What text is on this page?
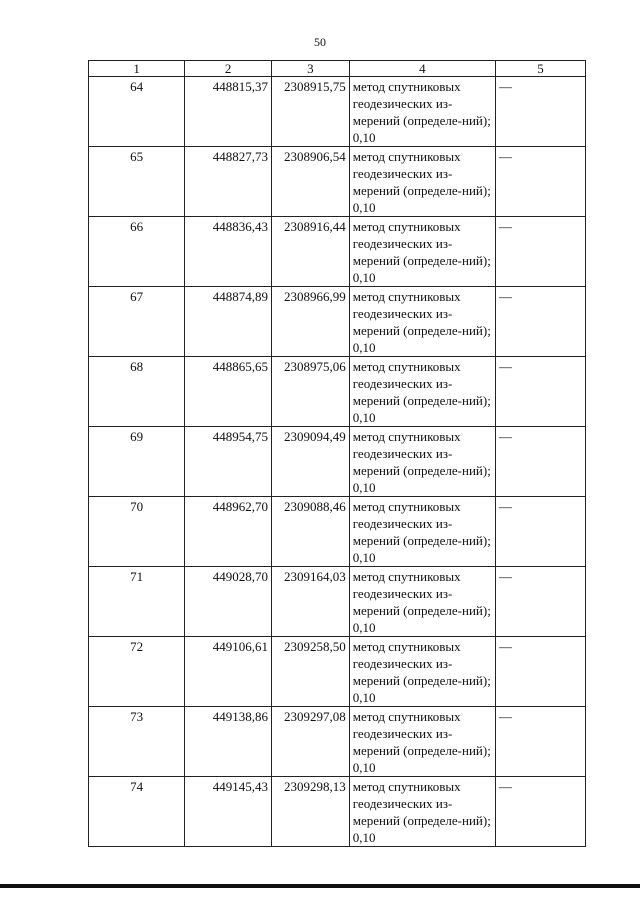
50
1	2	3	4	5
64	448815,37	2308915,75	метод спутниковых геодезических из-мерений (определе-ний); 0,10	—
65	448827,73	2308906,54	метод спутниковых геодезических из-мерений (определе-ний); 0,10	—
66	448836,43	2308916,44	метод спутниковых геодезических из-мерений (определе-ний); 0,10	—
67	448874,89	2308966,99	метод спутниковых геодезических из-мерений (определе-ний); 0,10	—
68	448865,65	2308975,06	метод спутниковых геодезических из-мерений (определе-ний); 0,10	—
69	448954,75	2309094,49	метод спутниковых геодезических из-мерений (определе-ний); 0,10	—
70	448962,70	2309088,46	метод спутниковых геодезических из-мерений (определе-ний); 0,10	—
71	449028,70	2309164,03	метод спутниковых геодезических из-мерений (определе-ний); 0,10	—
72	449106,61	2309258,50	метод спутниковых геодезических из-мерений (определе-ний); 0,10	—
73	449138,86	2309297,08	метод спутниковых геодезических из-мерений (определе-ний); 0,10	—
74	449145,43	2309298,13	метод спутниковых геодезических из-мерений (определе-ний); 0,10	—
